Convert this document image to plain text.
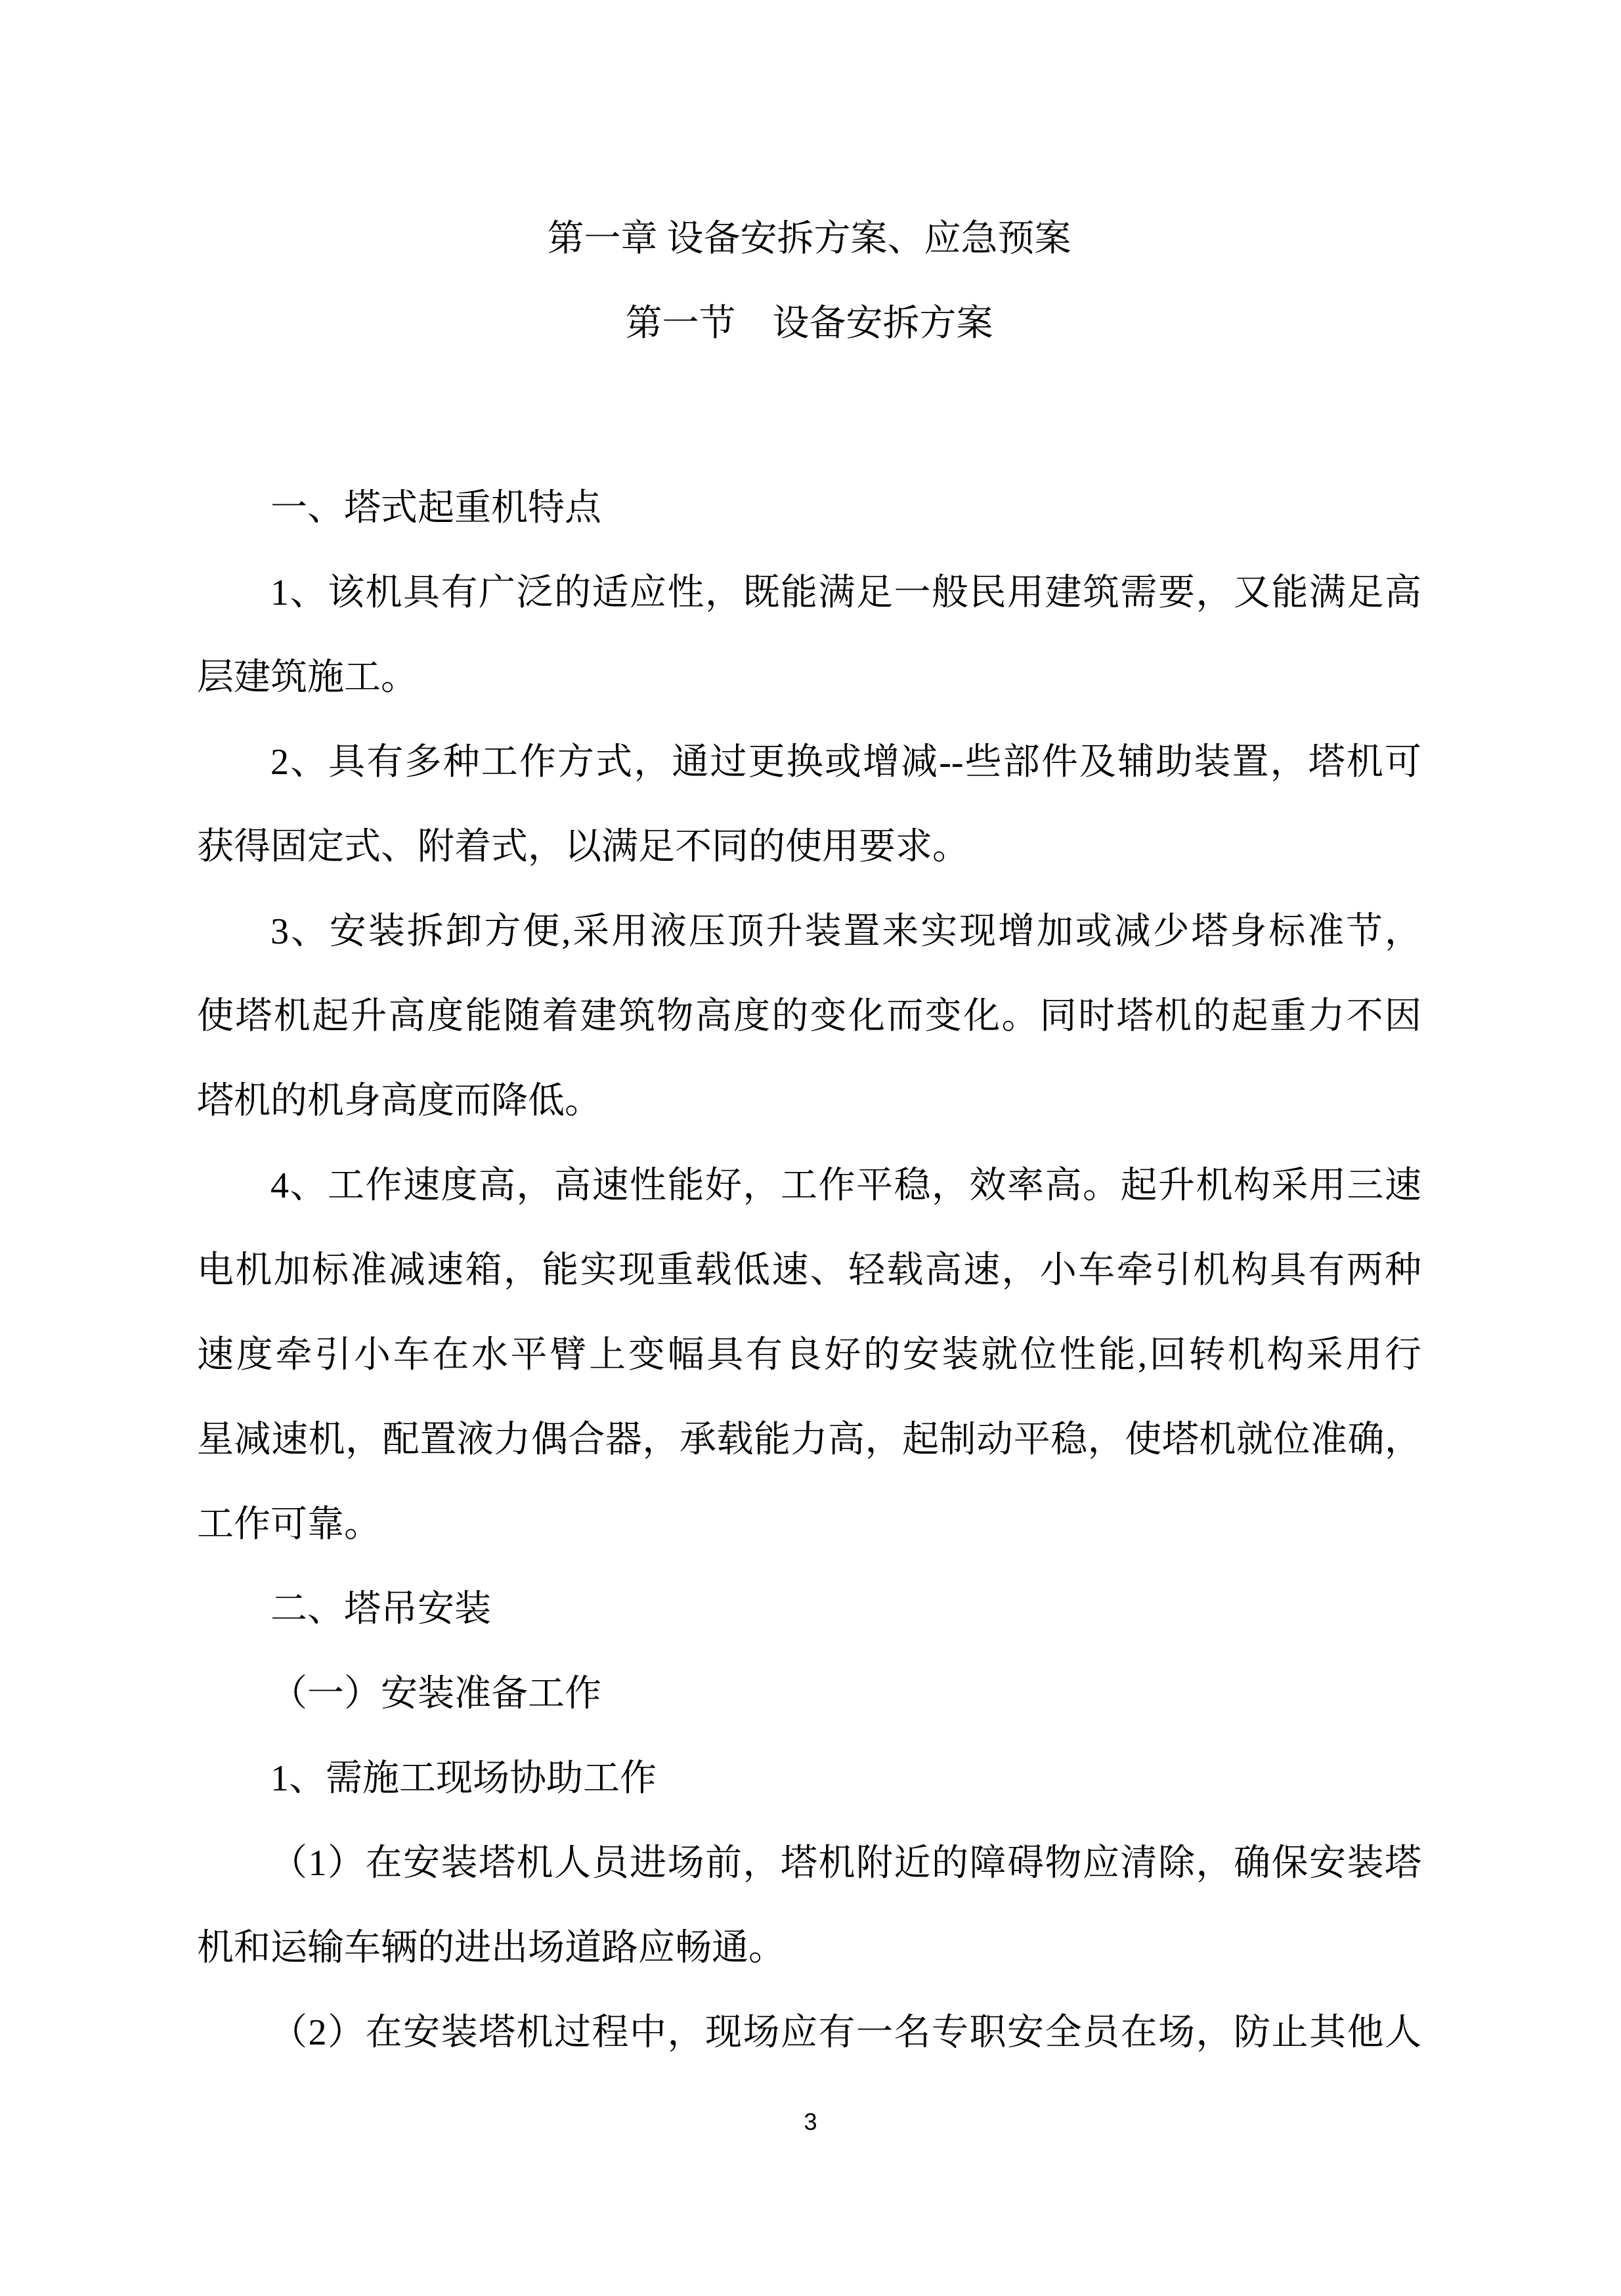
第一章 设备安拆方案、应急预案
第一节　设备安拆方案
一、塔式起重机特点
1、该机具有广泛的适应性，既能满足一般民用建筑需要，又能满足高
层建筑施工。
2、具有多种工作方式，通过更换或增减--些部件及辅助装置，塔机可
获得固定式、附着式，以满足不同的使用要求。
3、安装拆卸方便,采用液压顶升装置来实现增加或减少塔身标准节，
使塔机起升高度能随着建筑物高度的变化而变化。同时塔机的起重力不因
塔机的机身高度而降低。
4、工作速度高，高速性能好，工作平稳，效率高。起升机构采用三速
电机加标准减速箱，能实现重载低速、轻载高速，小车牵引机构具有两种
速度牵引小车在水平臂上变幅具有良好的安装就位性能,回转机构采用行
星减速机，配置液力偶合器，承载能力高，起制动平稳，使塔机就位准确，
工作可靠。
二、塔吊安装
（一）安装准备工作
1、需施工现场协助工作
（1）在安装塔机人员进场前，塔机附近的障碍物应清除，确保安装塔
机和运输车辆的进出场道路应畅通。
（2）在安装塔机过程中，现场应有一名专职安全员在场，防止其他人
3
